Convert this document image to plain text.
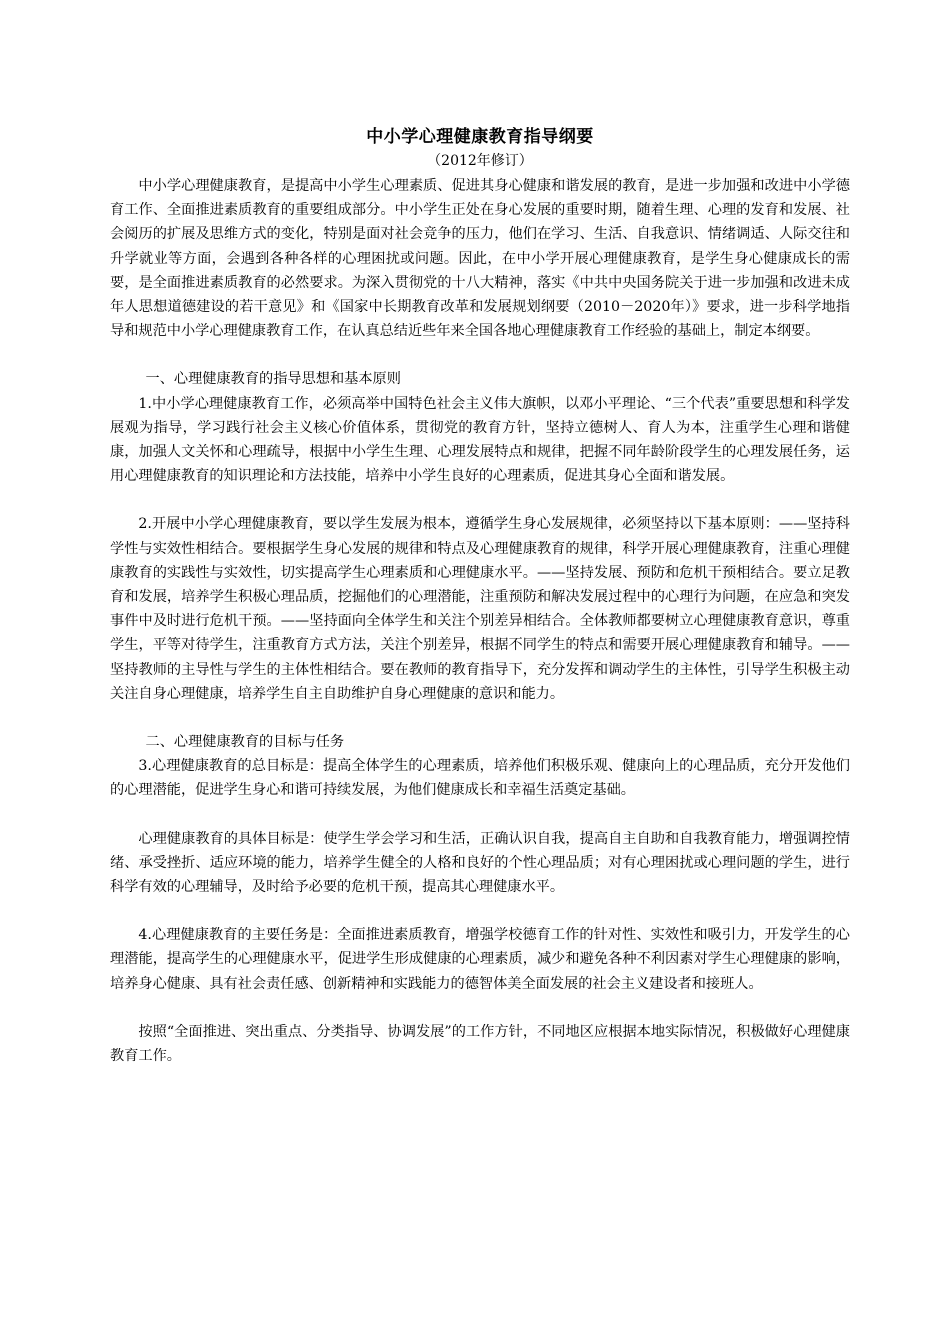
中小学心理健康教育指导纲要

（2012年修订）

中小学心理健康教育，是提高中小学生心理素质、促进其身心健康和谐发展的教育，是进一步加强和改进中小学德育工作、全面推进素质教育的重要组成部分。中小学生正处在身心发展的重要时期，随着生理、心理的发育和发展、社会阅历的扩展及思维方式的变化，特别是面对社会竞争的压力，他们在学习、生活、自我意识、情绪调适、人际交往和升学就业等方面，会遇到各种各样的心理困扰或问题。因此，在中小学开展心理健康教育，是学生身心健康成长的需要，是全面推进素质教育的必然要求。为深入贯彻党的十八大精神，落实《中共中央国务院关于进一步加强和改进未成年人思想道德建设的若干意见》和《国家中长期教育改革和发展规划纲要（2010－2020年）》要求，进一步科学地指导和规范中小学心理健康教育工作，在认真总结近些年来全国各地心理健康教育工作经验的基础上，制定本纲要。

一、心理健康教育的指导思想和基本原则

1.中小学心理健康教育工作，必须高举中国特色社会主义伟大旗帜，以邓小平理论、“三个代表”重要思想和科学发展观为指导，学习践行社会主义核心价值体系，贯彻党的教育方针，坚持立德树人、育人为本，注重学生心理和谐健康，加强人文关怀和心理疏导，根据中小学生生理、心理发展特点和规律，把握不同年龄阶段学生的心理发展任务，运用心理健康教育的知识理论和方法技能，培养中小学生良好的心理素质，促进其身心全面和谐发展。

2.开展中小学心理健康教育，要以学生发展为根本，遵循学生身心发展规律，必须坚持以下基本原则：——坚持科学性与实效性相结合。要根据学生身心发展的规律和特点及心理健康教育的规律，科学开展心理健康教育，注重心理健康教育的实践性与实效性，切实提高学生心理素质和心理健康水平。——坚持发展、预防和危机干预相结合。要立足教育和发展，培养学生积极心理品质，挖掘他们的心理潜能，注重预防和解决发展过程中的心理行为问题，在应急和突发事件中及时进行危机干预。——坚持面向全体学生和关注个别差异相结合。全体教师都要树立心理健康教育意识，尊重学生，平等对待学生，注重教育方式方法，关注个别差异，根据不同学生的特点和需要开展心理健康教育和辅导。——坚持教师的主导性与学生的主体性相结合。要在教师的教育指导下，充分发挥和调动学生的主体性，引导学生积极主动关注自身心理健康，培养学生自主自助维护自身心理健康的意识和能力。

二、心理健康教育的目标与任务

3.心理健康教育的总目标是：提高全体学生的心理素质，培养他们积极乐观、健康向上的心理品质，充分开发他们的心理潜能，促进学生身心和谐可持续发展，为他们健康成长和幸福生活奠定基础。

心理健康教育的具体目标是：使学生学会学习和生活，正确认识自我，提高自主自助和自我教育能力，增强调控情绪、承受挫折、适应环境的能力，培养学生健全的人格和良好的个性心理品质；对有心理困扰或心理问题的学生，进行科学有效的心理辅导，及时给予必要的危机干预，提高其心理健康水平。

4.心理健康教育的主要任务是：全面推进素质教育，增强学校德育工作的针对性、实效性和吸引力，开发学生的心理潜能，提高学生的心理健康水平，促进学生形成健康的心理素质，减少和避免各种不利因素对学生心理健康的影响，培养身心健康、具有社会责任感、创新精神和实践能力的德智体美全面发展的社会主义建设者和接班人。

按照“全面推进、突出重点、分类指导、协调发展”的工作方针，不同地区应根据本地实际情况，积极做好心理健康教育工作。
